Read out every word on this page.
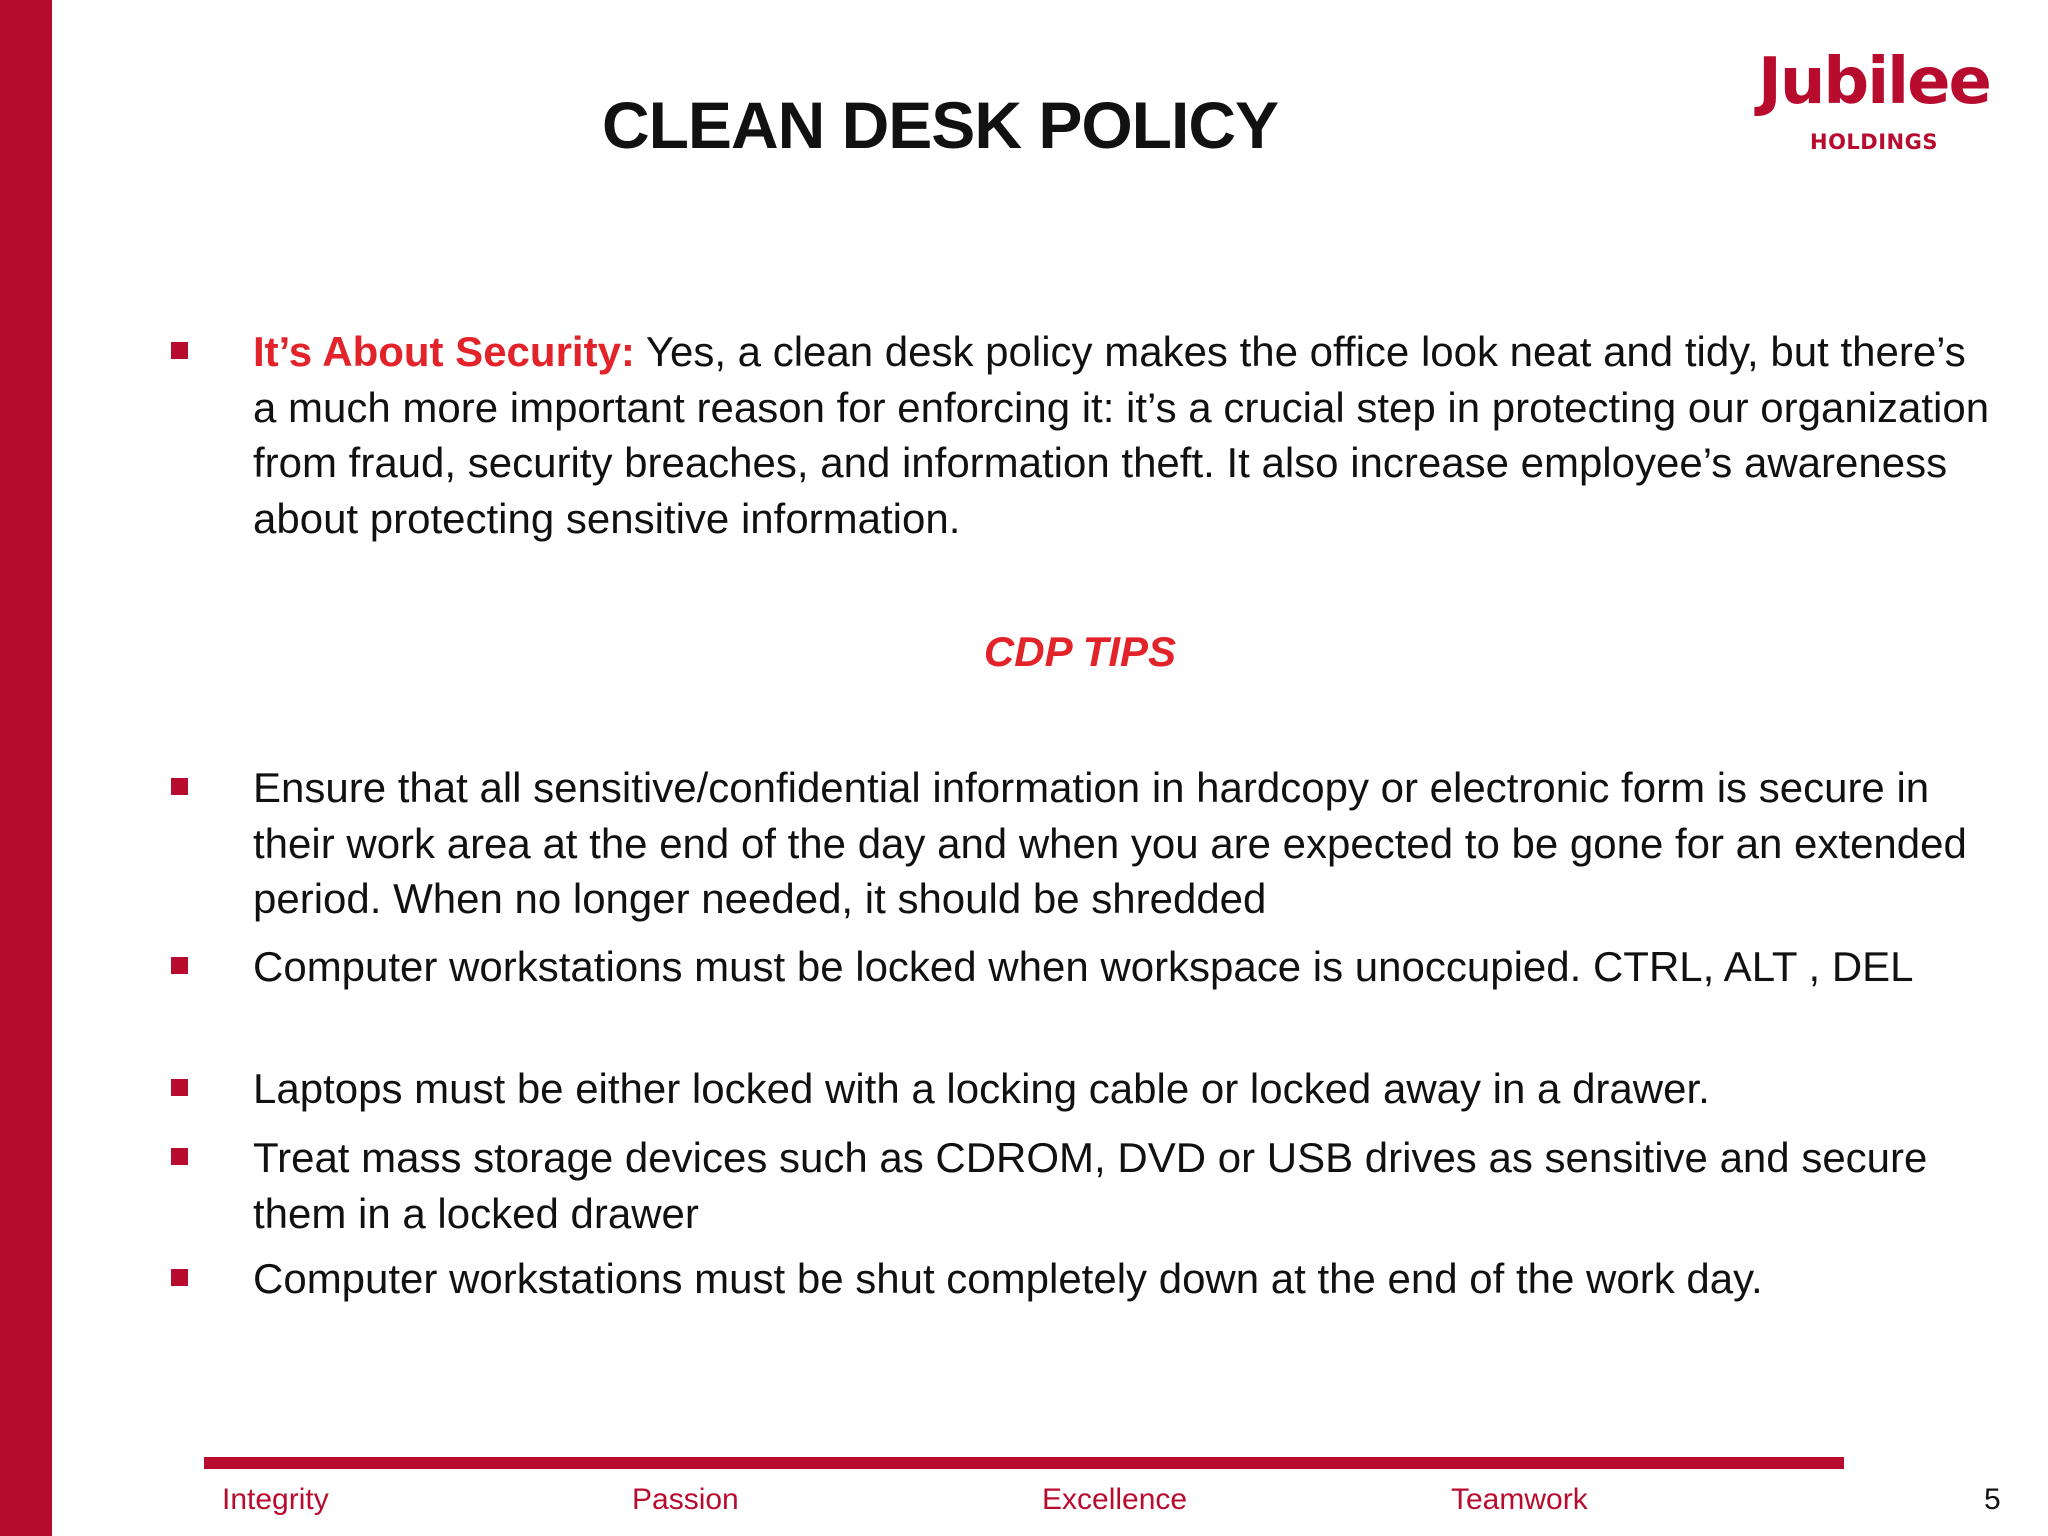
CLEAN DESK POLICY
Jubilee
HOLDINGS
It’s About Security: Yes, a clean desk policy makes the office look neat and tidy, but there’s a much more important reason for enforcing it: it’s a crucial step in protecting our organization from fraud, security breaches, and information theft. It also increase employee’s awareness about protecting sensitive information.
CDP TIPS
Ensure that all sensitive/confidential information in hardcopy or electronic form is secure in their work area at the end of the day and when you are expected to be gone for an extended period. When no longer needed, it should be shredded
Computer workstations must be locked when workspace is unoccupied. CTRL, ALT , DEL
Laptops must be either locked with a locking cable or locked away in a drawer.
Treat mass storage devices such as CDROM, DVD or USB drives as sensitive and secure them in a locked drawer
Computer workstations must be shut completely down at the end of the work day.
Integrity	Passion	Excellence	Teamwork	5
